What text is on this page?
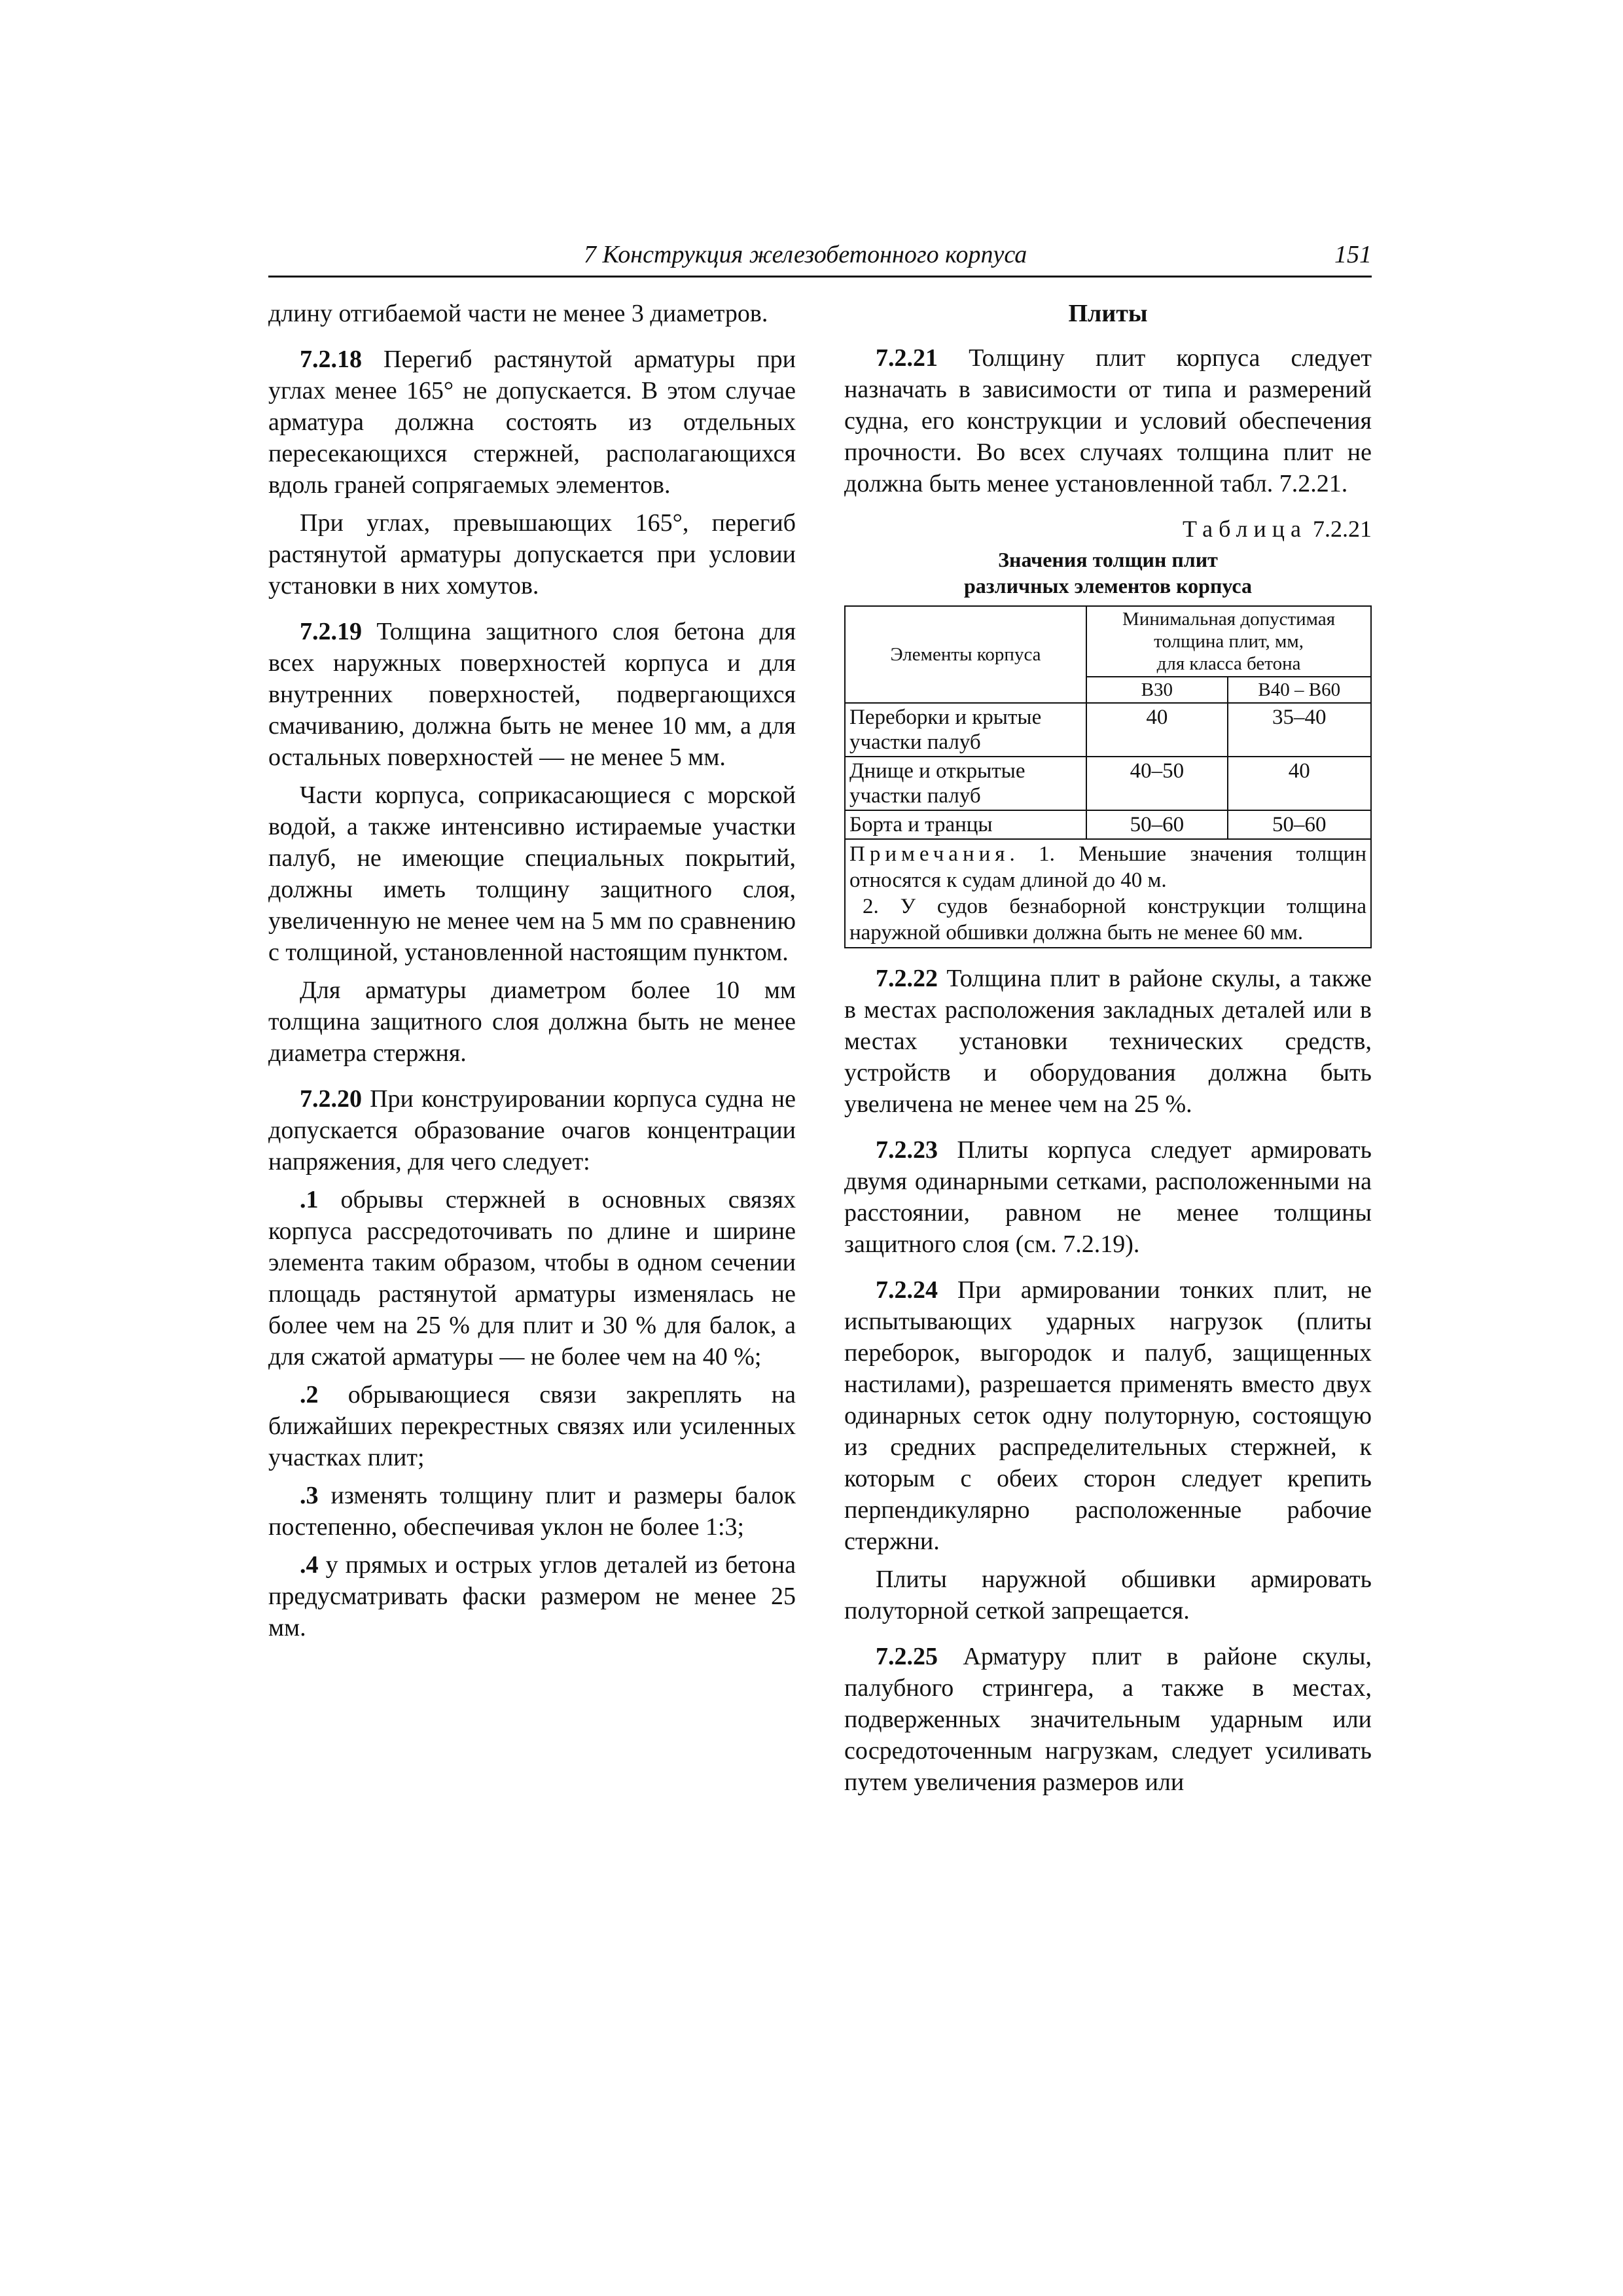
7 Конструкция железобетонного корпуса	151

длину отгибаемой части не менее 3 диаметров.

7.2.18 Перегиб растянутой арматуры при углах менее 165° не допускается. В этом случае арматура должна состоять из отдельных пересекающихся стержней, располагающихся вдоль граней сопрягаемых элементов.

При углах, превышающих 165°, перегиб растянутой арматуры допускается при условии установки в них хомутов.

7.2.19 Толщина защитного слоя бетона для всех наружных поверхностей корпуса и для внутренних поверхностей, подвергающихся смачиванию, должна быть не менее 10 мм, а для остальных поверхностей — не менее 5 мм.

Части корпуса, соприкасающиеся с морской водой, а также интенсивно истираемые участки палуб, не имеющие специальных покрытий, должны иметь толщину защитного слоя, увеличенную не менее чем на 5 мм по сравнению с толщиной, установленной настоящим пунктом.

Для арматуры диаметром более 10 мм толщина защитного слоя должна быть не менее диаметра стержня.

7.2.20 При конструировании корпуса судна не допускается образование очагов концентрации напряжения, для чего следует:

.1 обрывы стержней в основных связях корпуса рассредоточивать по длине и ширине элемента таким образом, чтобы в одном сечении площадь растянутой арматуры изменялась не более чем на 25 % для плит и 30 % для балок, а для сжатой арматуры — не более чем на 40 %;

.2 обрывающиеся связи закреплять на ближайших перекрестных связях или усиленных участках плит;

.3 изменять толщину плит и размеры балок постепенно, обеспечивая уклон не более 1:3;

.4 у прямых и острых углов деталей из бетона предусматривать фаски размером не менее 25 мм.

Плиты

7.2.21 Толщину плит корпуса следует назначать в зависимости от типа и размерений судна, его конструкции и условий обеспечения прочности. Во всех случаях толщина плит не должна быть менее установленной табл. 7.2.21.

Таблица 7.2.21
Значения толщин плит
различных элементов корпуса
Элементы корпуса	Минимальная допустимая
толщина плит, мм,
для класса бетона	

	B30	B40 – B60
Переборки и крытые участки палуб	40	35–40
Днище и открытые участки палуб	40–50	40
Борта и транцы	50–60	50–60

Примечания. 1. Меньшие значения толщин относятся к судам длиной до 40 м.
2. У судов безнаборной конструкции толщина наружной обшивки должна быть не менее 60 мм.		

7.2.22 Толщина плит в районе скулы, а также в местах расположения закладных деталей или в местах установки технических средств, устройств и оборудования должна быть увеличена не менее чем на 25 %.

7.2.23 Плиты корпуса следует армировать двумя одинарными сетками, расположенными на расстоянии, равном не менее толщины защитного слоя (см. 7.2.19).

7.2.24 При армировании тонких плит, не испытывающих ударных нагрузок (плиты переборок, выгородок и палуб, защищенных настилами), разрешается применять вместо двух одинарных сеток одну полуторную, состоящую из средних распределительных стержней, к которым с обеих сторон следует крепить перпендикулярно расположенные рабочие стержни.

Плиты наружной обшивки армировать полуторной сеткой запрещается.

7.2.25 Арматуру плит в районе скулы, палубного стрингера, а также в местах, подверженных значительным ударным или сосредоточенным нагрузкам, следует усиливать путем увеличения размеров или
